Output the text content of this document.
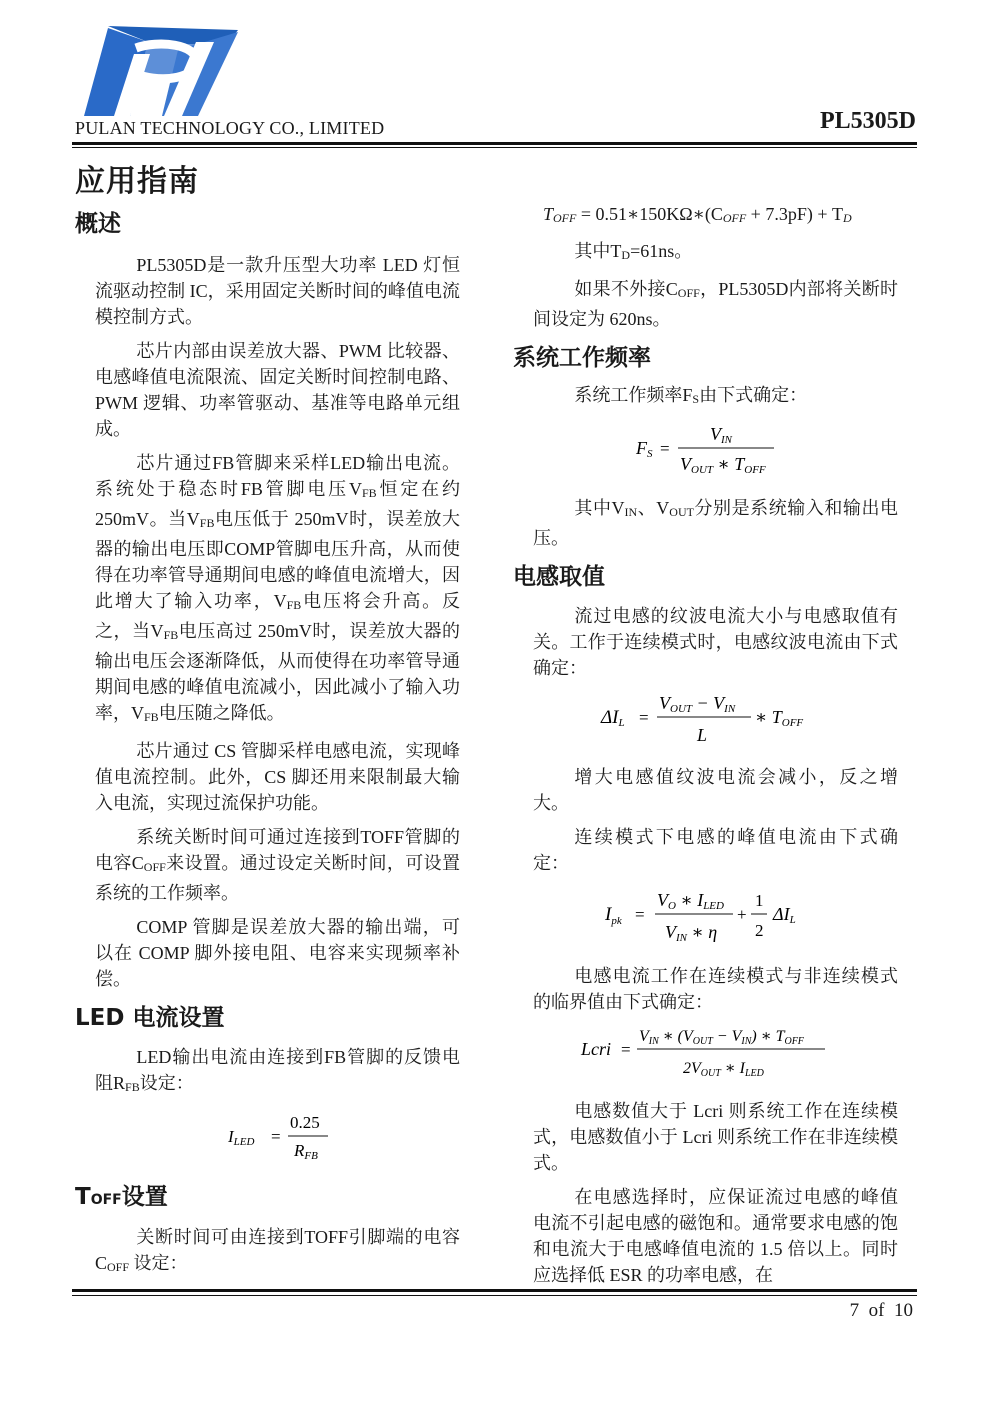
PULAN TECHNOLOGY CO., LIMITED	PL5305D
应用指南
概述

PL5305D是一款升压型大功率 LED 灯恒流驱动控制 IC，采用固定关断时间的峰值电流模控制方式。

芯片内部由误差放大器、PWM 比较器、电感峰值电流限流、固定关断时间控制电路、PWM 逻辑、功率管驱动、基准等电路单元组成。

芯片通过FB管脚来采样LED输出电流。系统处于稳态时FB管脚电压VFB恒定在约 250mV。当VFB电压低于 250mV时，误差放大器的输出电压即COMP管脚电压升高，从而使得在功率管导通期间电感的峰值电流增大，因此增大了输入功率，VFB电压将会升高。反之，当VFB电压高过 250mV时，误差放大器的输出电压会逐渐降低，从而使得在功率管导通期间电感的峰值电流减小，因此减小了输入功率，VFB电压随之降低。

芯片通过 CS 管脚采样电感电流，实现峰值电流控制。此外，CS 脚还用来限制最大输入电流，实现过流保护功能。

系统关断时间可通过连接到TOFF管脚的电容COFF来设置。通过设定关断时间，可设置系统的工作频率。

COMP 管脚是误差放大器的输出端，可以在 COMP 脚外接电阻、电容来实现频率补偿。

LED 电流设置

LED输出电流由连接到FB管脚的反馈电阻RFB设定：

ILED =
0.25
RFB
TOFF设置

关断时间可由连接到TOFF引脚端的电容COFF 设定：

TOFF = 0.51∗150KΩ∗(COFF + 7.3pF) + TD

其中TD=61ns。

如果不外接COFF，PL5305D内部将关断时间设定为 620ns。

系统工作频率

系统工作频率FS由下式确定：

FS =
VIN
VOUT ∗ TOFF

其中VIN、VOUT分别是系统输入和输出电压。

电感取值

流过电感的纹波电流大小与电感取值有关。工作于连续模式时，电感纹波电流由下式确定：

ΔIL =
VOUT − VIN
L
∗ TOFF

增大电感值纹波电流会减小，反之增大。

连续模式下电感的峰值电流由下式确定：

$I_{pk}$ =
VO ∗ ILED
VIN ∗ η
+
1
2
ΔIL

电感电流工作在连续模式与非连续模式的临界值由下式确定：

Lcri =
VIN ∗ (VOUT − VIN) ∗ TOFF
2VOUT ∗ ILED

电感数值大于 Lcri 则系统工作在连续模式，电感数值小于 Lcri 则系统工作在非连续模式。

在电感选择时，应保证流过电感的峰值电流不引起电感的磁饱和。通常要求电感的饱和电流大于电感峰值电流的 1.5 倍以上。同时应选择低 ESR 的功率电感，在

7  of  10
